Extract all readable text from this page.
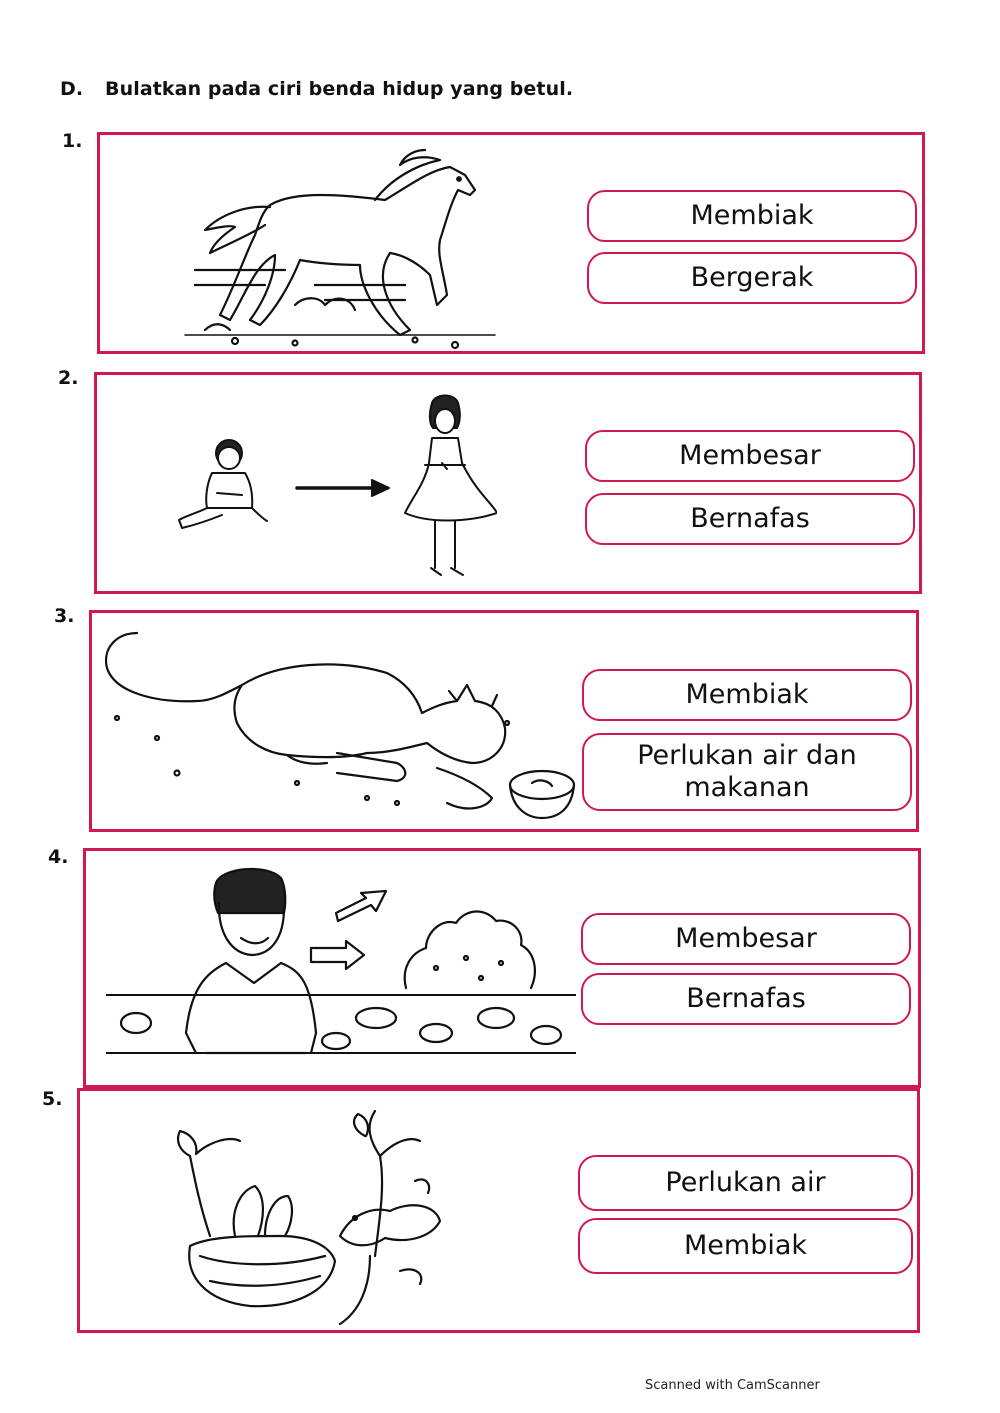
D. Bulatkan pada ciri benda hidup yang betul.
1.
Membiak
Bergerak
2.
Membesar
Bernafas
3.
Membiak
Perlukan air dan makanan
4.
Membesar
Bernafas
5.
Perlukan air
Membiak
Scanned with CamScanner
